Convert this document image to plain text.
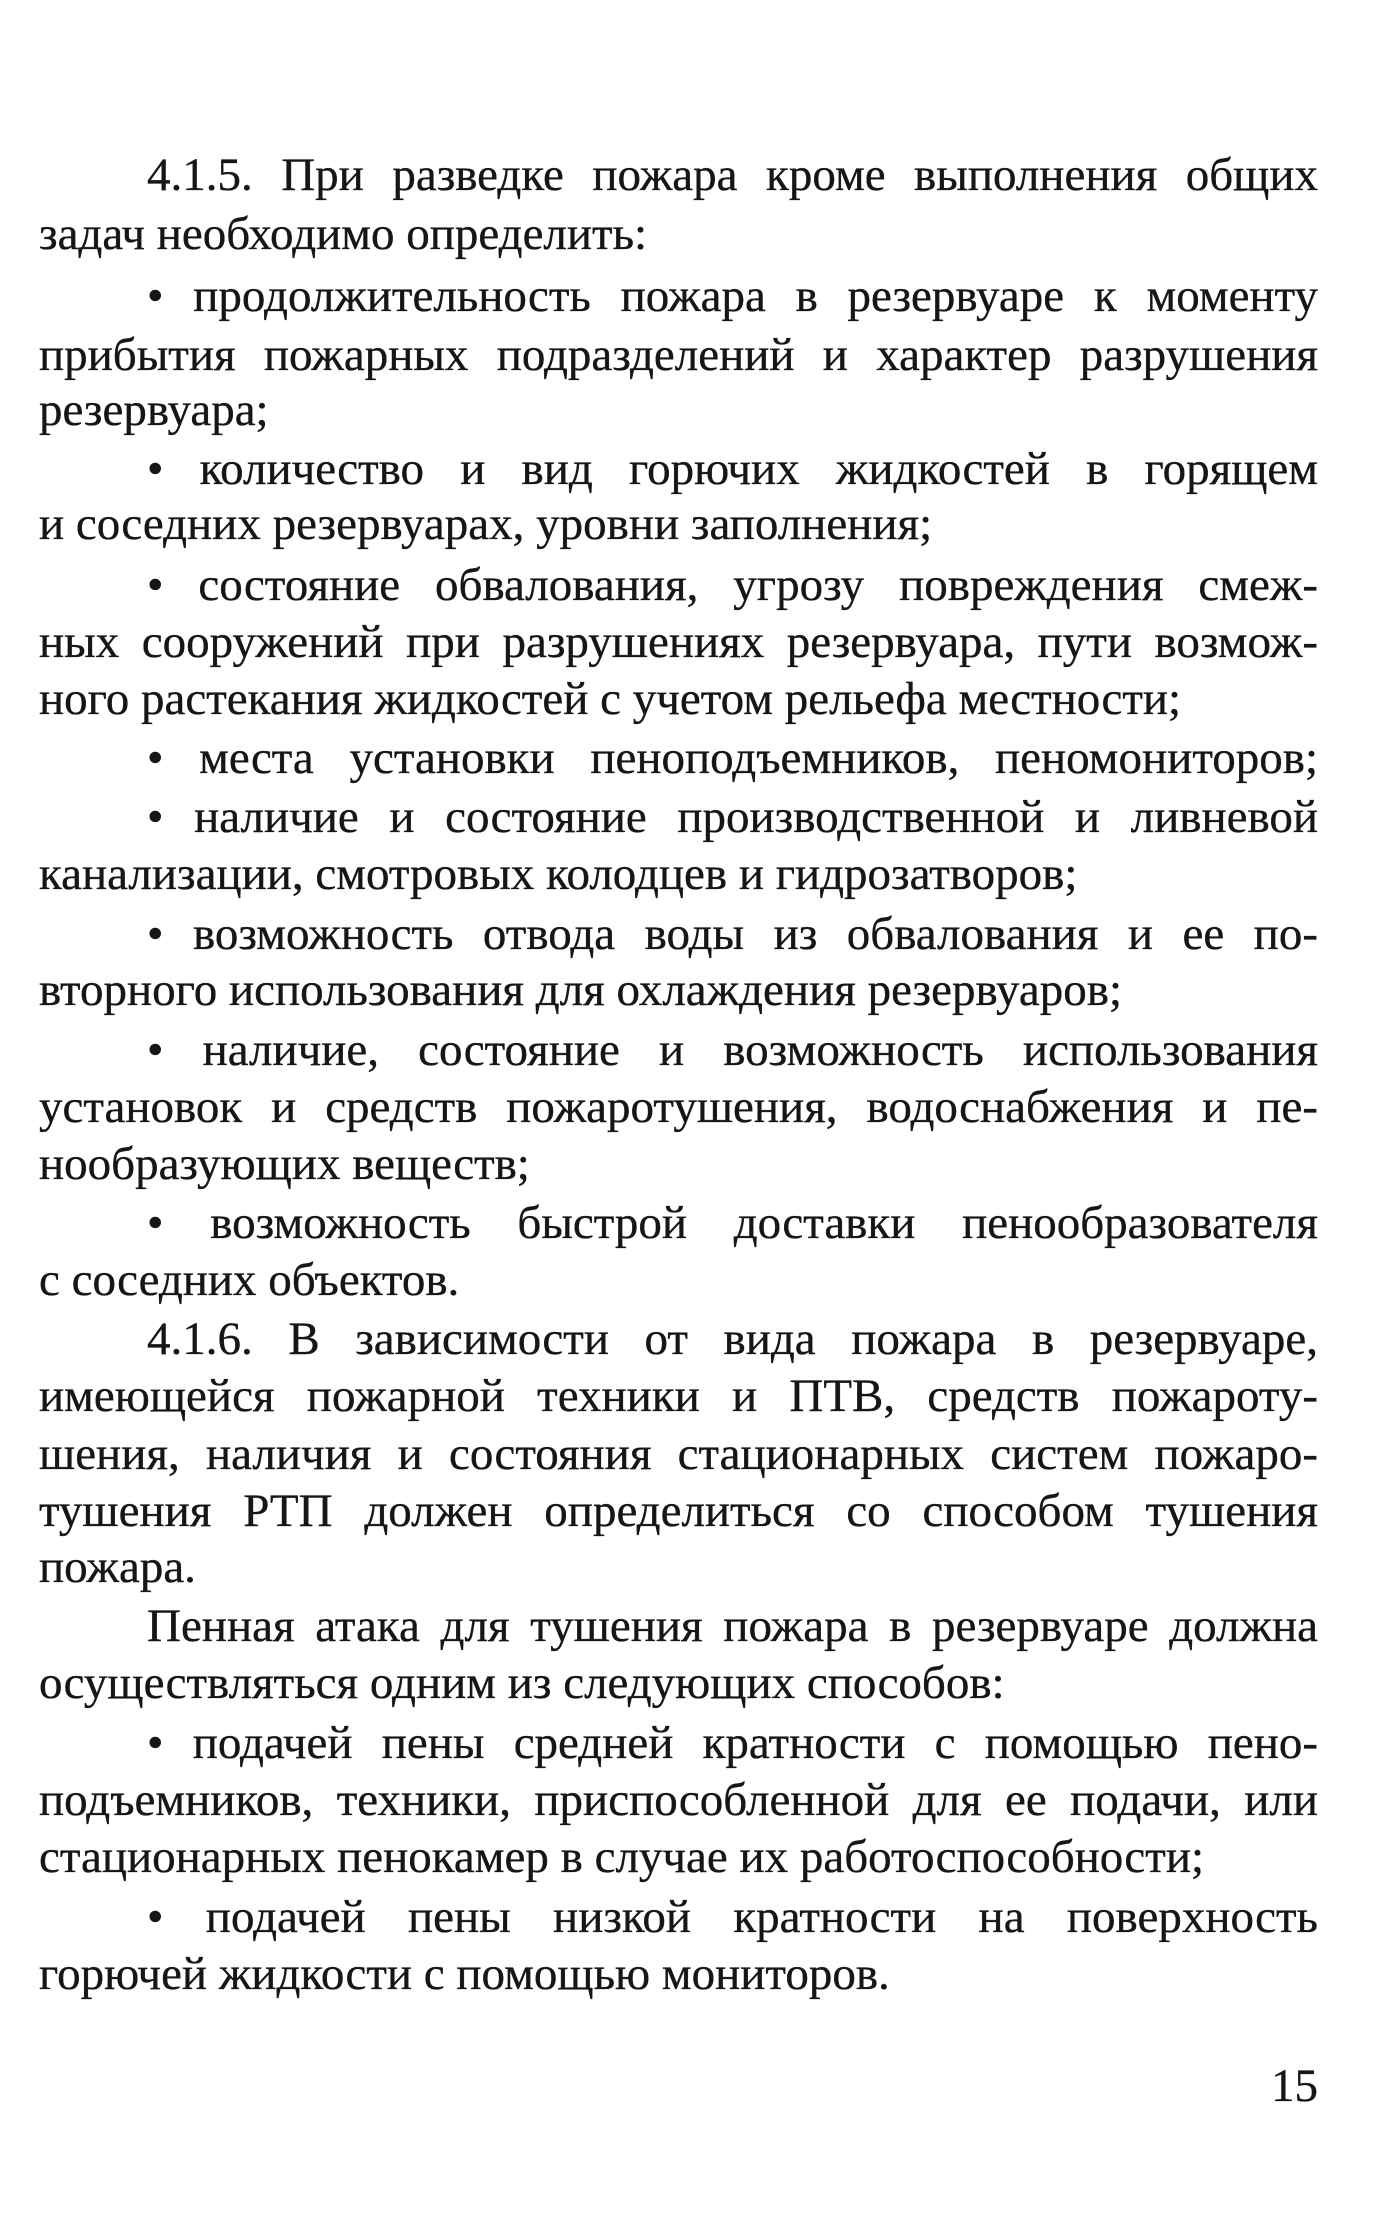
4.1.5. При разведке пожара кроме выполнения общих
задач необходимо определить:
• продолжительность пожара в резервуаре к моменту
прибытия пожарных подразделений и характер разрушения
резервуара;
• количество и вид горючих жидкостей в горящем
и соседних резервуарах, уровни заполнения;
• состояние обвалования, угрозу повреждения смеж-
ных сооружений при разрушениях резервуара, пути возмож-
ного растекания жидкостей с учетом рельефа местности;
• места установки пеноподъемников, пеномониторов;
• наличие и состояние производственной и ливневой
канализации, смотровых колодцев и гидрозатворов;
• возможность отвода воды из обвалования и ее по-
вторного использования для охлаждения резервуаров;
• наличие, состояние и возможность использования
установок и средств пожаротушения, водоснабжения и пе-
нообразующих веществ;
• возможность быстрой доставки пенообразователя
с соседних объектов.
4.1.6. В зависимости от вида пожара в резервуаре,
имеющейся пожарной техники и ПТВ, средств пожароту-
шения, наличия и состояния стационарных систем пожаро-
тушения РТП должен определиться со способом тушения
пожара.
Пенная атака для тушения пожара в резервуаре должна
осуществляться одним из следующих способов:
• подачей пены средней кратности с помощью пено-
подъемников, техники, приспособленной для ее подачи, или
стационарных пенокамер в случае их работоспособности;
• подачей пены низкой кратности на поверхность
горючей жидкости с помощью мониторов.
15
